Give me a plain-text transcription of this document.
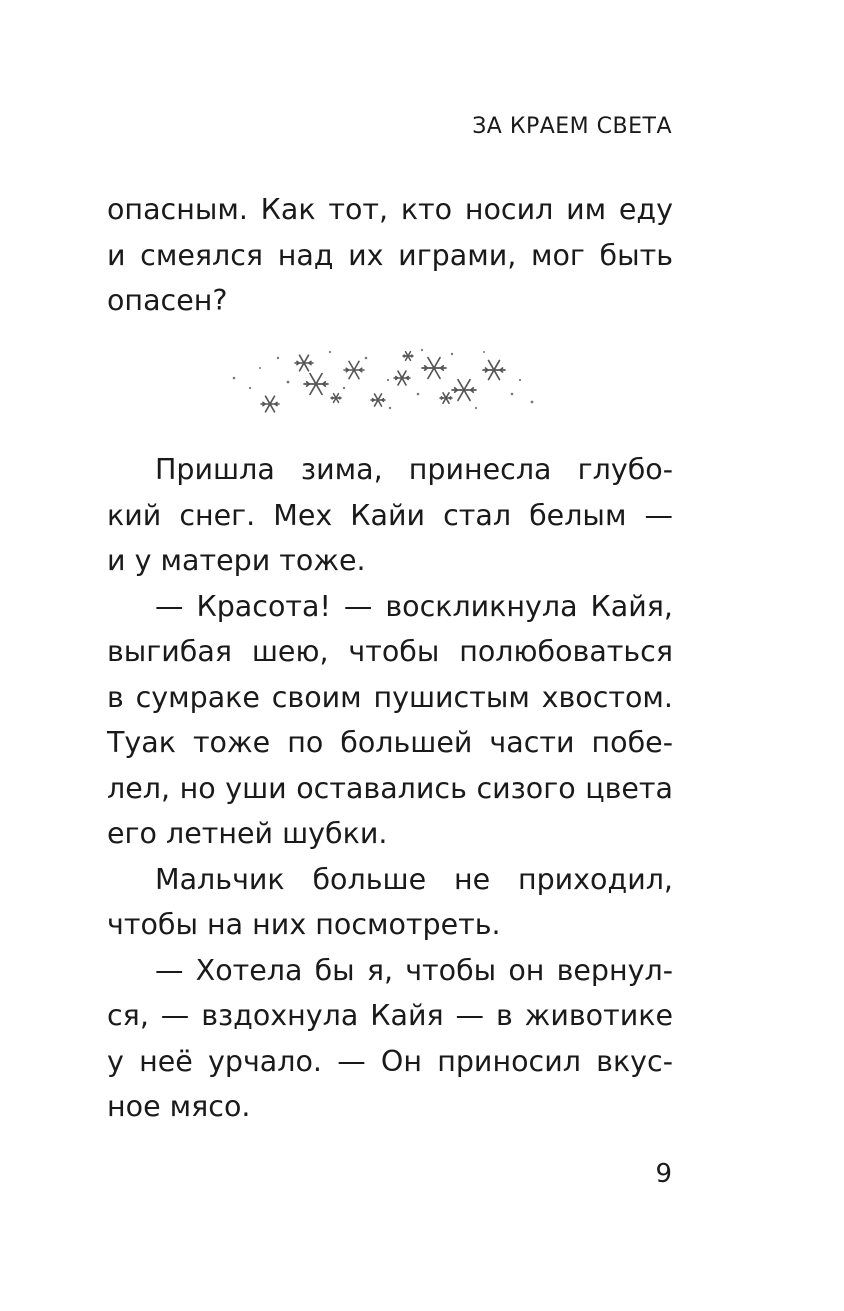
ЗА КРАЕМ СВЕТА
опасным. Как тот, кто носил им еду
и смеялся над их играми, мог быть
опасен?
Пришла зима, принесла глубо-
кий снег. Мех Кайи стал белым —
и у матери тоже.
— Красота! — воскликнула Кайя,
выгибая шею, чтобы полюбоваться
в сумраке своим пушистым хвостом.
Туак тоже по большей части побе-
лел, но уши оставались сизого цвета
его летней шубки.
Мальчик больше не приходил,
чтобы на них посмотреть.
— Хотела бы я, чтобы он вернул-
ся, — вздохнула Кайя — в животике
у неё урчало. — Он приносил вкус-
ное мясо.
9
